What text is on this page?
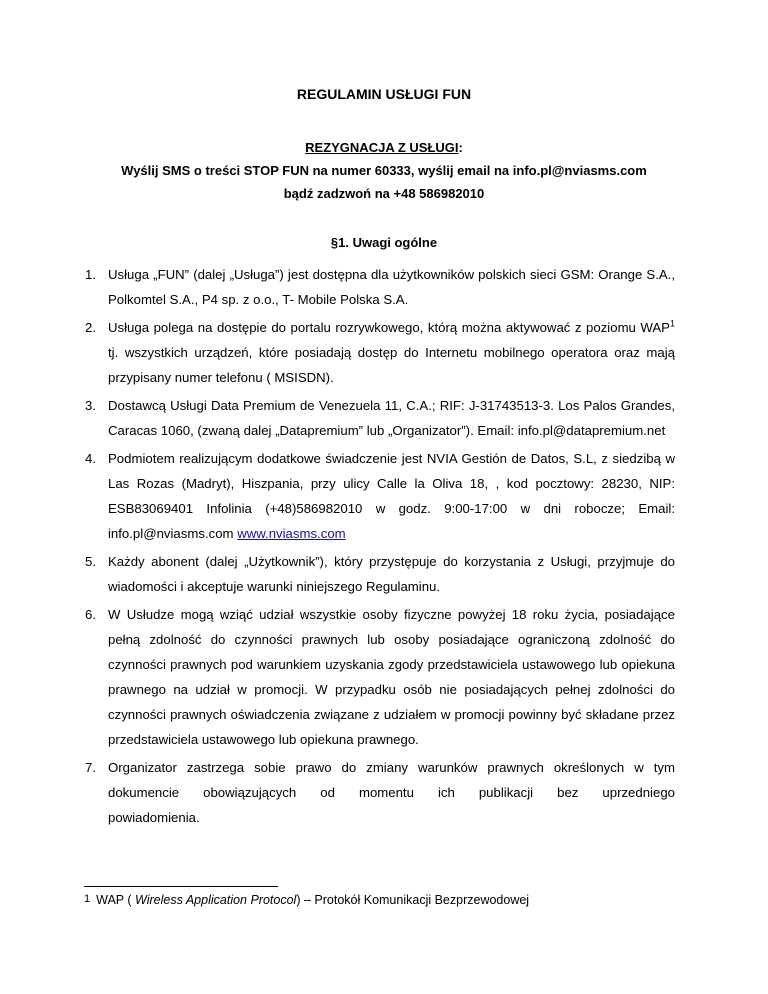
REGULAMIN USŁUGI FUN
REZYGNACJA Z USŁUGI:
Wyślij SMS o treści STOP FUN na numer 60333, wyślij email na info.pl@nviasms.com
bądź zadzwoń na +48 586982010
§1. Uwagi ogólne
1. Usługa „FUN” (dalej „Usługa”) jest dostępna dla użytkowników polskich sieci GSM: Orange S.A., Polkomtel S.A., P4 sp. z o.o., T- Mobile Polska S.A.
2. Usługa polega na dostępie do portalu rozrywkowego, którą można aktywować z poziomu WAP$^1$ tj. wszystkich urządzeń, które posiadają dostęp do Internetu mobilnego operatora oraz mają przypisany numer telefonu ( MSISDN).
3. Dostawcą Usługi Data Premium de Venezuela 11, C.A.; RIF: J-31743513-3. Los Palos Grandes, Caracas 1060, (zwaną dalej „Datapremium” lub „Organizator”). Email: info.pl@datapremium.net
4. Podmiotem realizującym dodatkowe świadczenie jest NVIA Gestión de Datos, S.L, z siedzibą w Las Rozas (Madryt), Hiszpania, przy ulicy Calle la Oliva 18, , kod pocztowy: 28230, NIP: ESB83069401 Infolinia (+48)586982010 w godz. 9:00-17:00 w dni robocze; Email: info.pl@nviasms.com www.nviasms.com
5. Każdy abonent (dalej „Użytkownik”), który przystępuje do korzystania z Usługi, przyjmuje do wiadomości i akceptuje warunki niniejszego Regulaminu.
6. W Usłudze mogą wziąć udział wszystkie osoby fizyczne powyżej 18 roku życia, posiadające pełną zdolność do czynności prawnych lub osoby posiadające ograniczoną zdolność do czynności prawnych pod warunkiem uzyskania zgody przedstawiciela ustawowego lub opiekuna prawnego na udział w promocji. W przypadku osób nie posiadających pełnej zdolności do czynności prawnych oświadczenia związane z udziałem w promocji powinny być składane przez przedstawiciela ustawowego lub opiekuna prawnego.
7. Organizator zastrzega sobie prawo do zmiany warunków prawnych określonych w tym dokumencie obowiązujących od momentu ich publikacji bez uprzedniego
powiadomienia.
1 WAP ( Wireless Application Protocol) – Protokół Komunikacji Bezprzewodowej
